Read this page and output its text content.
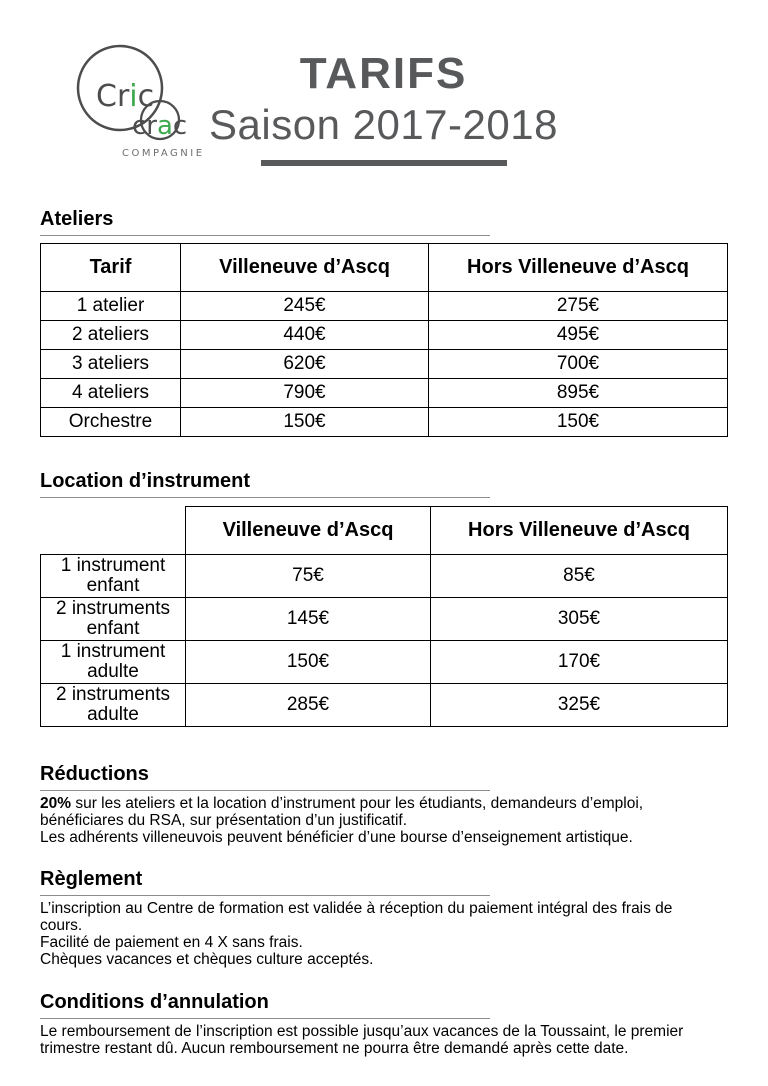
Cric
crac
COMPAGNIE
TARIFS
Saison 2017-2018
Ateliers
Tarif	Villeneuve d’Ascq	Hors Villeneuve d’Ascq
1 atelier	245€	275€
2 ateliers	440€	495€
3 ateliers	620€	700€
4 ateliers	790€	895€
Orchestre	150€	150€
Location d’instrument
	Villeneuve d’Ascq	Hors Villeneuve d’Ascq
1 instrument enfant	75€	85€
2 instruments enfant	145€	305€
1 instrument adulte	150€	170€
2 instruments adulte	285€	325€
Réductions
20% sur les ateliers et la location d’instrument pour les étudiants, demandeurs d’emploi,
bénéficiares du RSA, sur présentation d’un justificatif.
Les adhérents villeneuvois peuvent bénéficier d’une bourse d’enseignement artistique.
Règlement
L’inscription au Centre de formation est validée à réception du paiement intégral des frais de
cours.
Facilité de paiement en 4 X sans frais.
Chèques vacances et chèques culture acceptés.
Conditions d’annulation
Le remboursement de l’inscription est possible jusqu’aux vacances de la Toussaint, le premier
trimestre restant dû. Aucun remboursement ne pourra être demandé après cette date.
